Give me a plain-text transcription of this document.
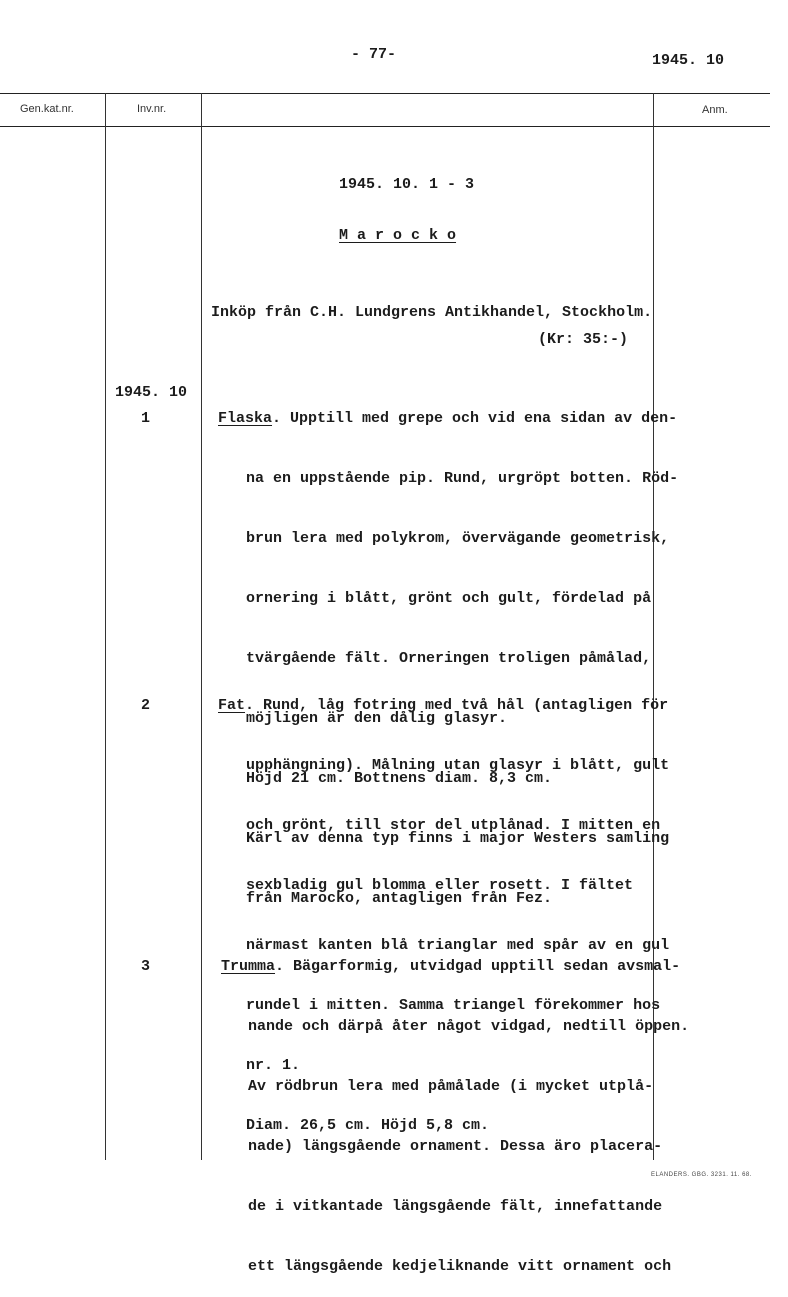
- 77-	1945. 10
Gen.kat.nr.	Inv.nr.	Anm.
1945. 10. 1 - 3
M a r o c k o
Inköp från C.H. Lundgrens Antikhandel, Stockholm.
(Kr: 35:-)
1945. 10
1	Flaska. Upptill med grepe och vid ena sidan av den-

na en uppstående pip. Rund, urgröpt botten. Röd-

brun lera med polykrom, övervägande geometrisk,

ornering i blått, grönt och gult, fördelad på

tvärgående fält. Orneringen troligen påmålad,

möjligen är den dålig glasyr.

Höjd 21 cm. Bottnens diam. 8,3 cm.

Kärl av denna typ finns i major Westers samling

från Marocko, antagligen från Fez.

2	Fat. Rund, låg fotring med två hål (antagligen för

upphängning). Målning utan glasyr i blått, gult

och grönt, till stor del utplånad. I mitten en

sexbladig gul blomma eller rosett. I fältet

närmast kanten blå trianglar med spår av en gul

rundel i mitten. Samma triangel förekommer hos

nr. 1.

Diam. 26,5 cm. Höjd 5,8 cm.

3	Trumma. Bägarformig, utvidgad upptill sedan avsmal-

nande och därpå åter något vidgad, nedtill öppen.

Av rödbrun lera med påmålade (i mycket utplå-

nade) längsgående ornament. Dessa äro placera-

de i vitkantade längsgående fält, innefattande

ett längsgående kedjeliknande vitt ornament och

ELANDERS. GBG. 3231. 11. 68.
